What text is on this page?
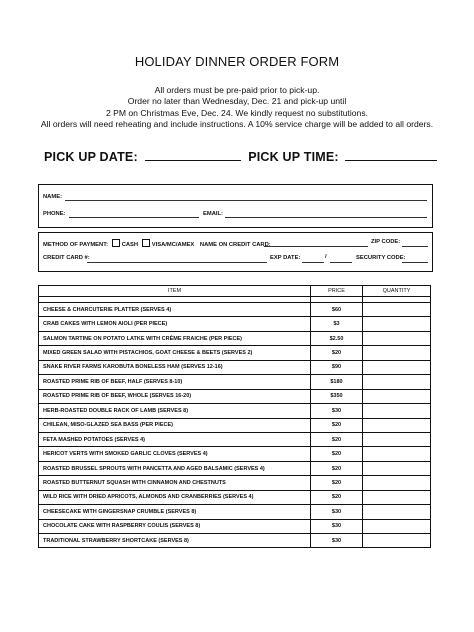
HOLIDAY DINNER ORDER FORM
All orders must be pre-paid prior to pick-up.
Order no later than Wednesday, Dec. 21 and pick-up until
2 PM on Christmas Eve, Dec. 24. We kindly request no substitutions.
All orders will need reheating and include instructions. A 10% service charge will be added to all orders.
PICK UP DATE:	PICK UP TIME:
NAME:
PHONE:	EMAIL:
METHOD OF PAYMENT: CASH VISA/MC/AMEX NAME ON CREDIT CARD:	ZIP CODE:
CREDIT CARD #:	EXP DATE:	/	SECURITY CODE:
ITEM	PRICE	QUANTITY

CHEESE & CHARCUTERIE PLATTER (SERVES 4)	$60	
CRAB CAKES WITH LEMON AIOLI (PER PIECE)	$3	
SALMON TARTINE ON POTATO LATKE WITH CRÈME FRAICHE (PER PIECE)	$2.50	
MIXED GREEN SALAD WITH PISTACHIOS, GOAT CHEESE & BEETS (SERVES 2)	$20	
SNAKE RIVER FARMS KAROBUTA BONELESS HAM (SERVES 12-16)	$90	
ROASTED PRIME RIB OF BEEF, HALF (SERVES 8-10)	$180	
ROASTED PRIME RIB OF BEEF, WHOLE (SERVES 16-20)	$350	
HERB-ROASTED DOUBLE RACK OF LAMB (SERVES 8)	$30	
CHILEAN, MISO-GLAZED SEA BASS (PER PIECE)	$20	
FETA MASHED POTATOES (SERVES 4)	$20	
HERICOT VERTS WITH SMOKED GARLIC CLOVES (SERVES 4)	$20	
ROASTED BRUSSEL SPROUTS WITH PANCETTA AND AGED BALSAMIC (SERVES 4)	$20	
ROASTED BUTTERNUT SQUASH WITH CINNAMON AND CHESTNUTS	$20	
WILD RICE WITH DRIED APRICOTS, ALMONDS AND CRANBERRIES (SERVES 4)	$20	
CHEESECAKE WITH GINGERSNAP CRUMBLE (SERVES 8)	$30	
CHOCOLATE CAKE WITH RASPBERRY COULIS (SERVES 8)	$30	
TRADITIONAL STRAWBERRY SHORTCAKE (SERVES 8)	$30	
